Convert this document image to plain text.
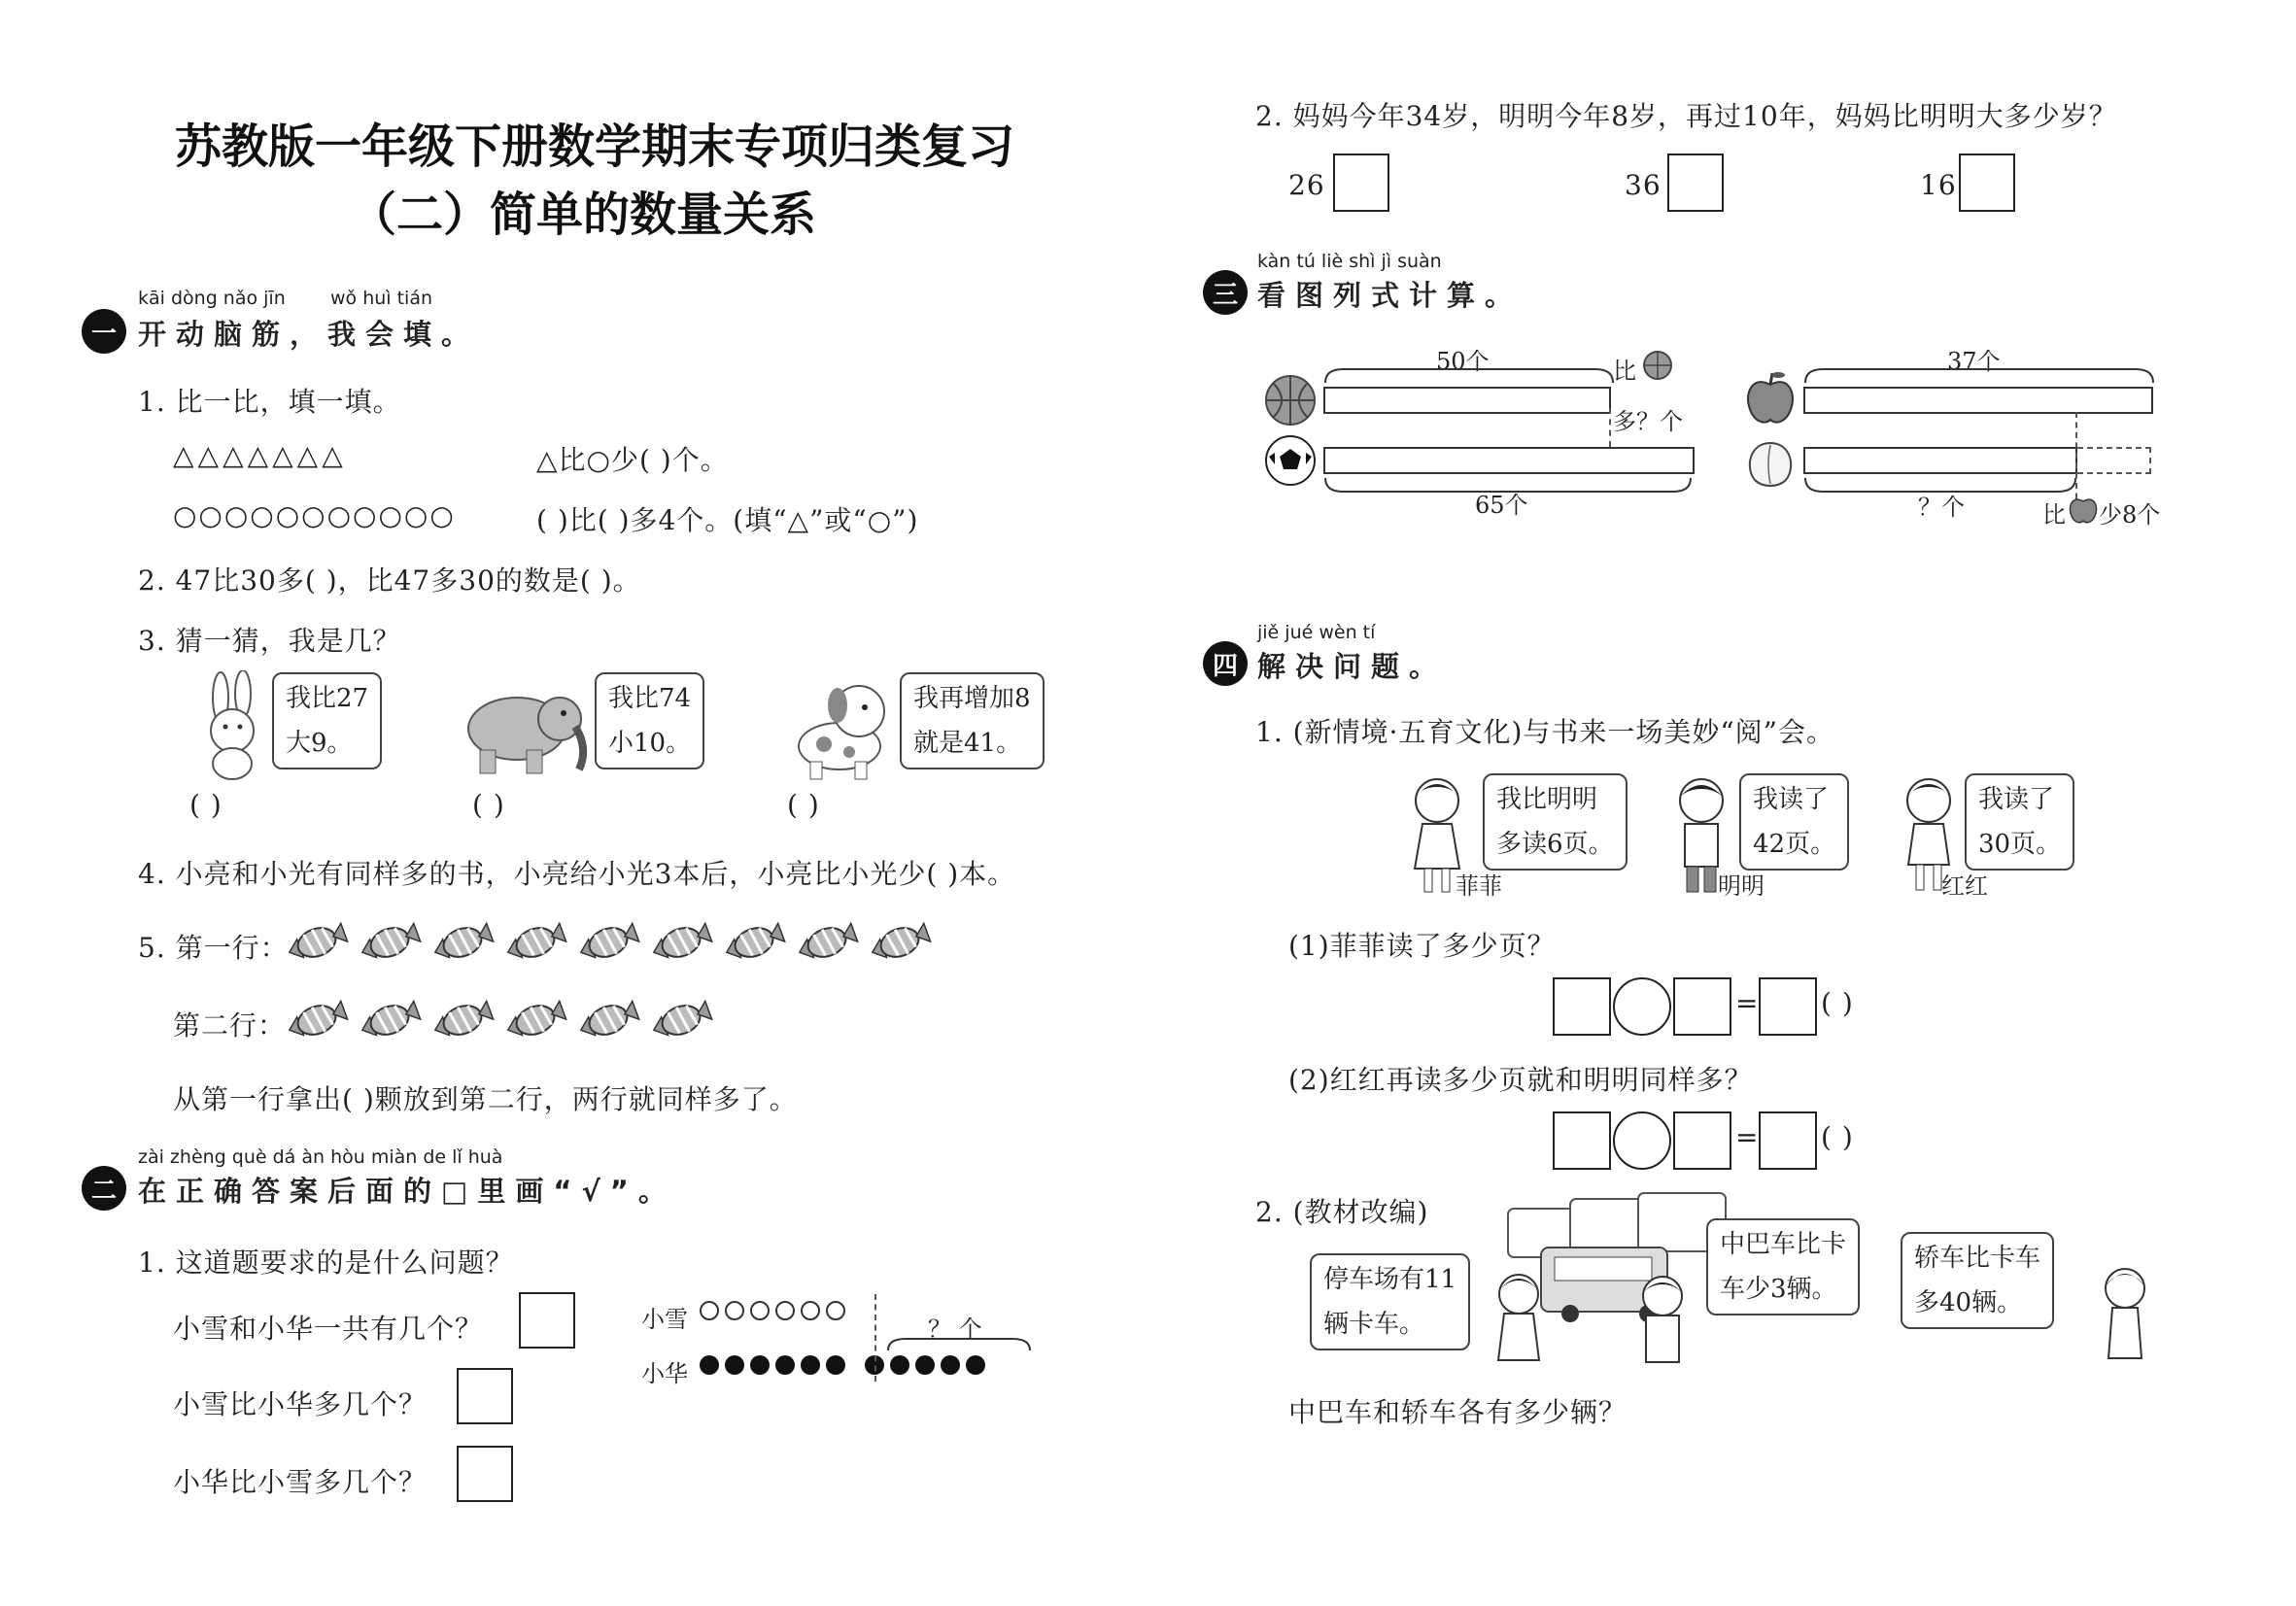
苏教版一年级下册数学期末专项归类复习
（二）简单的数量关系
kāi dòng nǎo jīn wǒ huì tián
一 开动脑筋，我会填。
1. 比一比，填一填。
△△△△△△△	△比○少( )个。
○○○○○○○○○○○	( )比( )多4个。(填“△”或“○”)
2. 47比30多( )，比47多30的数是( )。
3. 猜一猜，我是几？
我比27
大9。
( )
我比74
小10。
( )
我再增加8
就是41。
( )
4. 小亮和小光有同样多的书，小亮给小光3本后，小亮比小光少( )本。
5. 第一行：
第二行：
从第一行拿出( )颗放到第二行，两行就同样多了。
zài zhèng què dá àn hòu miàn de lǐ huà
二 在正确答案后面的□里画“√”。
1. 这道题要求的是什么问题？
小雪和小华一共有几个？
小雪比小华多几个？
小华比小雪多几个？
小雪
小华
？ 个
2. 妈妈今年34岁，明明今年8岁，再过10年，妈妈比明明大多少岁？
26	36	16
kàn tú liè shì jì suàn
三 看图列式计算。
50个	比
多？个
65个
37个
？个	比 少8个
jiě jué wèn tí
四 解决问题。
1. (新情境·五育文化)与书来一场美妙“阅”会。
我比明明
多读6页。
菲菲
我读了
42页。
明明
我读了
30页。
红红
(1)菲菲读了多少页？
= ( )
(2)红红再读多少页就和明明同样多？
= ( )
2. (教材改编)
停车场有11
辆卡车。
中巴车比卡
车少3辆。
轿车比卡车
多40辆。
中巴车和轿车各有多少辆？
